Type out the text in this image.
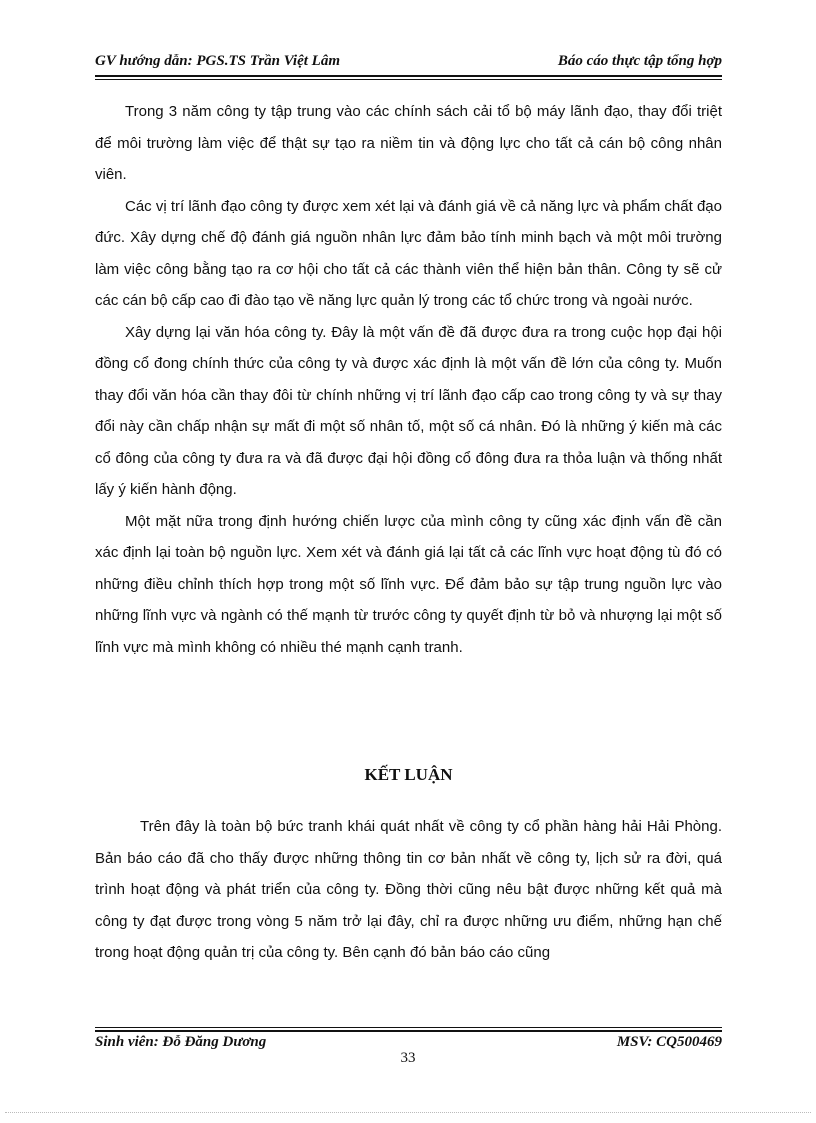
GV hướng dẫn: PGS.TS Trần Việt Lâm	Báo cáo thực tập tổng hợp

Trong 3 năm công ty tập trung vào các chính sách cải tổ bộ máy lãnh đạo, thay đổi triệt để môi trường làm việc để thật sự tạo ra niềm tin và động lực cho tất cả cán bộ công nhân viên.

Các vị trí lãnh đạo công ty được xem xét lại và đánh giá về cả năng lực và phẩm chất đạo đức. Xây dựng chế độ đánh giá nguồn nhân lực đảm bảo tính minh bạch và một môi trường làm việc công bằng tạo ra cơ hội cho tất cả các thành viên thể hiện bản thân. Công ty sẽ cử các cán bộ cấp cao đi đào tạo về năng lực quản lý trong các tổ chức trong và ngoài nước.

Xây dựng lại văn hóa công ty. Đây là một vấn đề đã được đưa ra trong cuộc họp đại hội đồng cổ đong chính thức của công ty và được xác định là một vấn đề lớn của công ty. Muốn thay đổi văn hóa cần thay đôi từ chính những vị trí lãnh đạo cấp cao trong công ty và sự thay đổi này cần chấp nhận sự mất đi một số nhân tố, một số cá nhân. Đó là những ý kiến mà các cổ đông của công ty đưa ra và đã được đại hội đồng cổ đông đưa ra thỏa luận và thống nhất lấy ý kiến hành động.

Một mặt nữa trong định hướng chiến lược của mình công ty cũng xác định vấn đề cần xác định lại toàn bộ nguồn lực. Xem xét và đánh giá lại tất cả các lĩnh vực hoạt động tù đó có những điều chỉnh thích hợp trong một số lĩnh vực. Để đảm bảo sự tập trung nguồn lực vào những lĩnh vực và ngành có thế mạnh từ trước công ty quyết định từ bỏ và nhượng lại một số lĩnh vực mà mình không có nhiều thé mạnh cạnh tranh.

KẾT LUẬN

Trên đây là toàn bộ bức tranh khái quát nhất về công ty cổ phần hàng hải Hải Phòng. Bản báo cáo đã cho thấy được những thông tin cơ bản nhất về công ty, lịch sử ra đời, quá trình hoạt động và phát triển của công ty. Đồng thời cũng nêu bật được những kết quả mà công ty đạt được trong vòng 5 năm trở lại đây, chỉ ra được những ưu điểm, những hạn chế trong hoạt động quản trị của công ty. Bên cạnh đó bản báo cáo cũng

Sinh viên: Đỗ Đăng Dương	MSV: CQ500469
33
